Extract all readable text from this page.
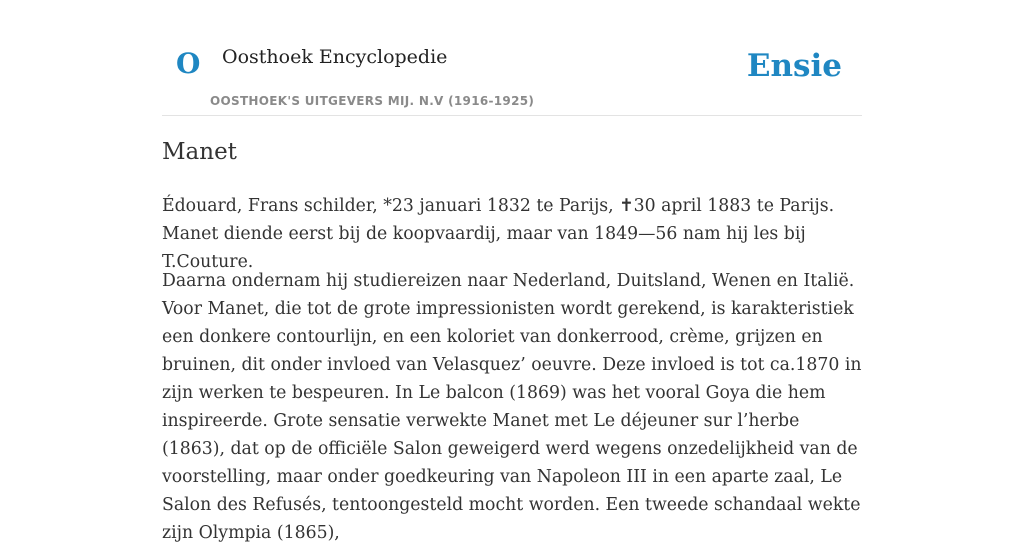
O Oosthoek Encyclopedie
OOSTHOEK'S UITGEVERS MIJ. N.V (1916-1925)
Ensie
Manet

Édouard, Frans schilder, *23 januari 1832 te Parijs, ✝30 april 1883 te Parijs. Manet diende eerst bij de koopvaardij, maar van 1849—56 nam hij les bij T.Couture.

Daarna ondernam hij studiereizen naar Nederland, Duitsland, Wenen en Italië. Voor Manet, die tot de grote impressionisten wordt gerekend, is karakteristiek een donkere contourlijn, en een koloriet van donkerrood, crème, grijzen en bruinen, dit onder invloed van Velasquez’ oeuvre. Deze invloed is tot ca.1870 in zijn werken te bespeuren. In Le balcon (1869) was het vooral Goya die hem inspireerde. Grote sensatie verwekte Manet met Le déjeuner sur l’herbe (1863), dat op de officiële Salon geweigerd werd wegens onzedelijkheid van de voorstelling, maar onder goedkeuring van Napoleon III in een aparte zaal, Le Salon des Refusés, tentoongesteld mocht worden. Een tweede schandaal wekte zijn Olympia (1865),
